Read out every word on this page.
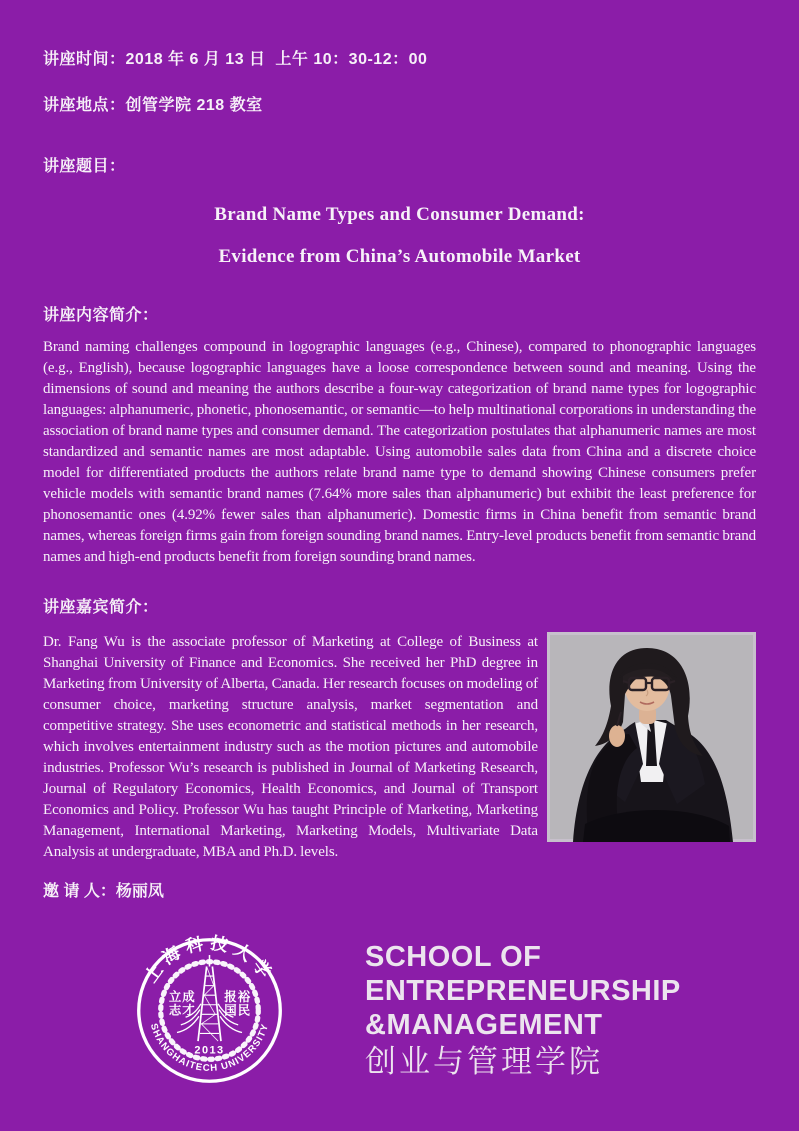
讲座时间：2018 年 6 月 13 日  上午 10：30-12：00

讲座地点：创管学院 218 教室

讲座题目：

Brand Name Types and Consumer Demand:
Evidence from China’s Automobile Market

讲座内容简介：

Brand naming challenges compound in logographic languages (e.g., Chinese), compared to phonographic languages (e.g., English), because logographic languages have a loose correspondence between sound and meaning. Using the dimensions of sound and meaning the authors describe a four-way categorization of brand name types for logographic languages: alphanumeric, phonetic, phonosemantic, or semantic—to help multinational corporations in understanding the association of brand name types and consumer demand. The categorization postulates that alphanumeric names are most standardized and semantic names are most adaptable. Using automobile sales data from China and a discrete choice model for differentiated products the authors relate brand name type to demand showing Chinese consumers prefer vehicle models with semantic brand names (7.64% more sales than alphanumeric) but exhibit the least preference for phonosemantic ones (4.92% fewer sales than alphanumeric). Domestic firms in China benefit from semantic brand names, whereas foreign firms gain from foreign sounding brand names. Entry-level products benefit from semantic brand names and high-end products benefit from foreign sounding brand names.

讲座嘉宾简介：

Dr. Fang Wu is the associate professor of Marketing at College of Business at Shanghai University of Finance and Economics. She received her PhD degree in Marketing from University of Alberta, Canada. Her research focuses on modeling of consumer choice, marketing structure analysis, market segmentation and competitive strategy. She uses econometric and statistical methods in her research, which involves entertainment industry such as the motion pictures and automobile industries. Professor Wu’s research is published in Journal of Marketing Research, Journal of Regulatory Economics, Health Economics, and Journal of Transport Economics and Policy. Professor Wu has taught Principle of Marketing, Marketing Management, International Marketing, Marketing Models, Multivariate Data Analysis at undergraduate, MBA and Ph.D. levels.

邀 请 人：杨丽凤

上海科技大学
SHANGHAITECH UNIVERSITY
立 成
志 才
报 裕
国 民
2013
SCHOOL OF
ENTREPRENEURSHIP
&MANAGEMENT
创业与管理学院
